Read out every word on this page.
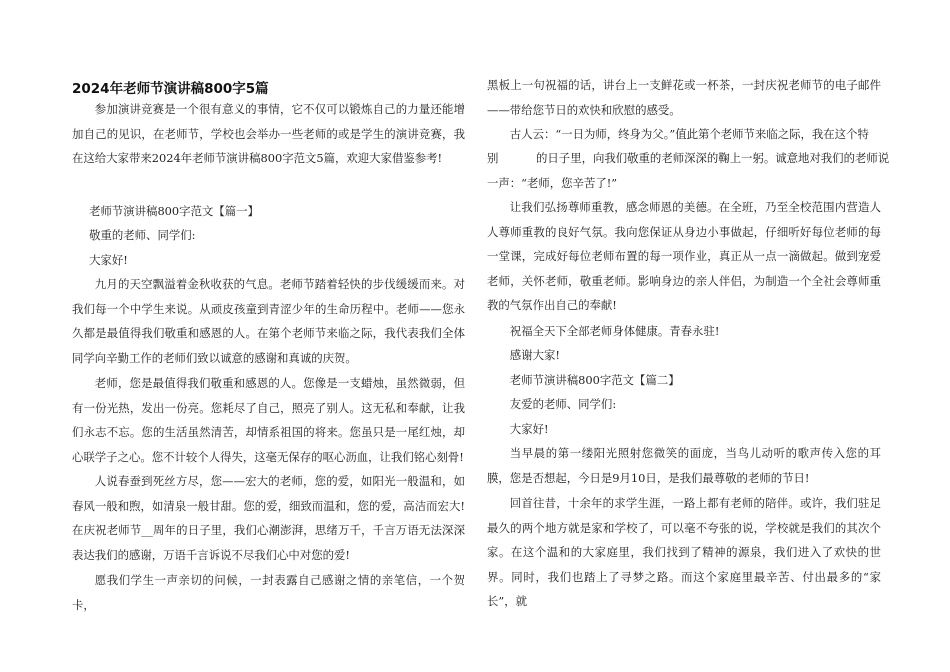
2024年老师节演讲稿800字5篇

参加演讲竞赛是一个很有意义的事情，它不仅可以锻炼自己的力量还能增加自己的见识，在老师节，学校也会举办一些老师的或是学生的演讲竞赛，我在这给大家带来2024年老师节演讲稿800字范文5篇，欢迎大家借鉴参考!

老师节演讲稿800字范文【篇一】

敬重的老师、同学们:

大家好!

九月的天空飘溢着金秋收获的气息。老师节踏着轻快的步伐缓缓而来。对我们每一个中学生来说。从顽皮孩童到青涩少年的生命历程中。老师——您永久都是最值得我们敬重和感恩的人。在第个老师节来临之际，我代表我们全体同学向辛勤工作的老师们致以诚意的感谢和真诚的庆贺。

老师，您是最值得我们敬重和感恩的人。您像是一支蜡烛，虽然微弱，但有一份光热，发出一份亮。您耗尽了自己，照亮了别人。这无私和奉献，让我们永志不忘。您的生活虽然清苦，却情系祖国的将来。您虽只是一尾红烛，却心联学子之心。您不计较个人得失，这毫无保存的呕心沥血，让我们铭心刻骨!

人说春蚕到死丝方尽，您——宏大的老师，您的爱，如阳光一般温和，如春风一般和煦，如清泉一般甘甜。您的爱，细致而温和，您的爱，高洁而宏大!在庆祝老师节__周年的日子里，我们心潮澎湃，思绪万千，千言万语无法深深表达我们的感谢，万语千言诉说不尽我们心中对您的爱!

愿我们学生一声亲切的问候，一封表露自己感谢之情的亲笔信，一个贺卡，

黑板上一句祝福的话，讲台上一支鲜花或一杯茶，一封庆祝老师节的电子邮件——带给您节日的欢快和欣慰的感受。

古人云：“一日为师，终身为父。”值此第个老师节来临之际，我在这个特

别	的日子里，向我们敬重的老师深深的鞠上一躬。诚意地对我们的老师说

一声：“老师，您辛苦了!”

让我们弘扬尊师重教，感念师恩的美德。在全班，乃至全校范围内营造人人尊师重教的良好气氛。我向您保证从身边小事做起，仔细听好每位老师的每一堂课，完成好每位老师布置的每一项作业，真正从一点一滴做起。做到宠爱老师，关怀老师，敬重老师。影响身边的亲人伴侣，为制造一个全社会尊师重教的气氛作出自己的奉献!

祝福全天下全部老师身体健康。青春永驻!

感谢大家!

老师节演讲稿800字范文【篇二】

友爱的老师、同学们:

大家好!

当早晨的第一缕阳光照射您微笑的面庞，当鸟儿动听的歌声传入您的耳膜，您是否想起，今日是9月10日，是我们最尊敬的老师的节日!

回首往昔，十余年的求学生涯，一路上都有老师的陪伴。或许，我们驻足最久的两个地方就是家和学校了，可以毫不夸张的说，学校就是我们的其次个家。在这个温和的大家庭里，我们找到了精神的源泉，我们进入了欢快的世界。同时，我们也踏上了寻梦之路。而这个家庭里最辛苦、付出最多的“家长”，就
